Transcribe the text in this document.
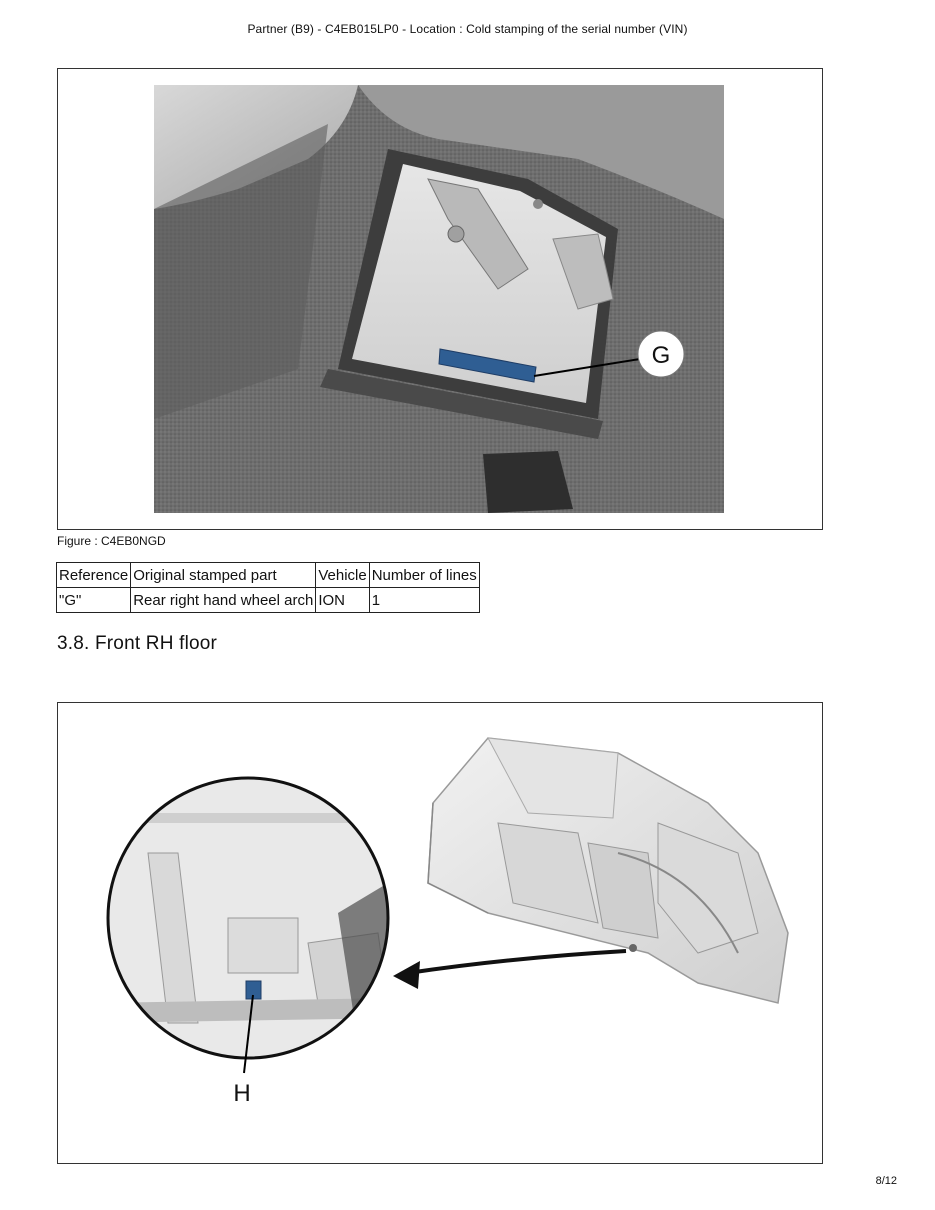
Partner (B9) - C4EB015LP0 - Location : Cold stamping of the serial number (VIN)
G
Figure : C4EB0NGD
Reference	Original stamped part	Vehicle	Number of lines
"G"	Rear right hand wheel arch	ION	1
3.8. Front RH floor
H
8/12
